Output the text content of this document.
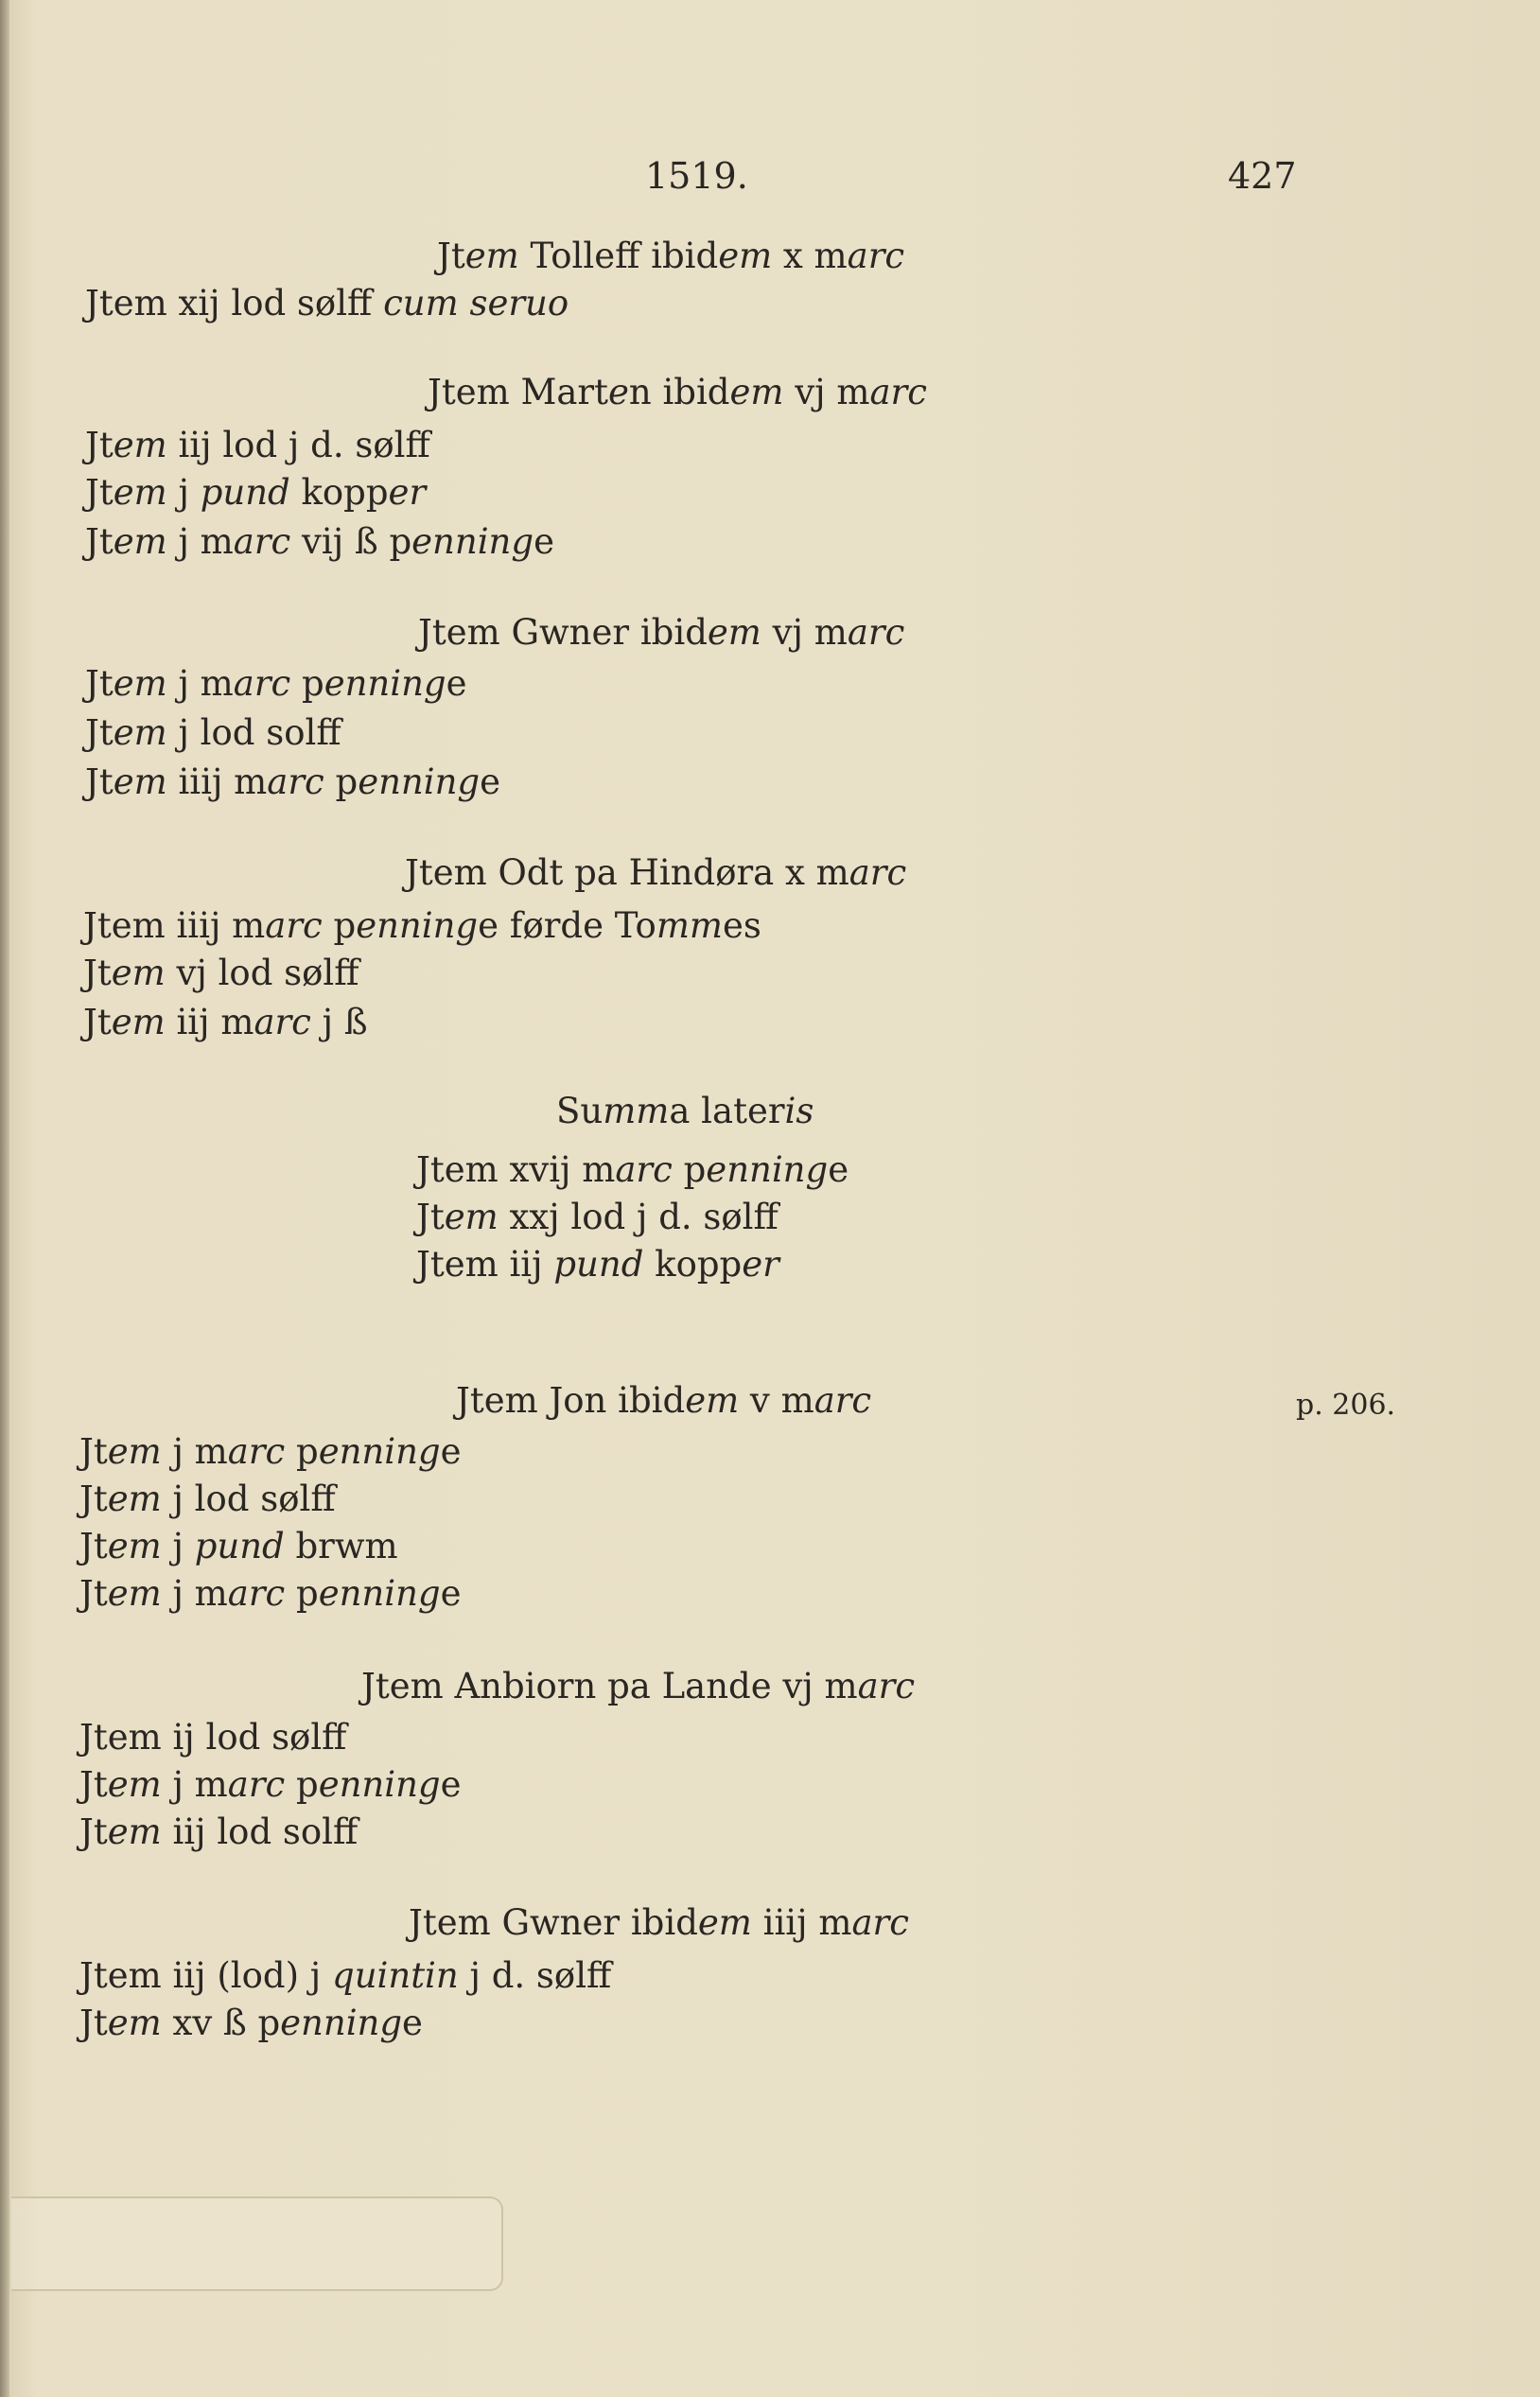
1519.	427
p. 206.
Jtem Tolleff ibidem x marc
Jtem xij lod sølff cum seruo
Jtem Marten ibidem vj marc
Jtem iij lod j d. sølff
Jtem j pund kopper
Jtem j marc vij ß penninge
Jtem Gwner ibidem vj marc
Jtem j marc penninge
Jtem j lod solff
Jtem iiij marc penninge
Jtem Odt pa Hindøra x marc
Jtem iiij marc penninge førde Tommes
Jtem vj lod sølff
Jtem iij marc j ß
Summa lateris
Jtem xvij marc penninge
Jtem xxj lod j d. sølff
Jtem iij pund kopper
Jtem Jon ibidem v marc
Jtem j marc penninge
Jtem j lod sølff
Jtem j pund brwm
Jtem j marc penninge
Jtem Anbiorn pa Lande vj marc
Jtem ij lod sølff
Jtem j marc penninge
Jtem iij lod solff
Jtem Gwner ibidem iiij marc
Jtem iij (lod) j quintin j d. sølff
Jtem xv ß penninge
